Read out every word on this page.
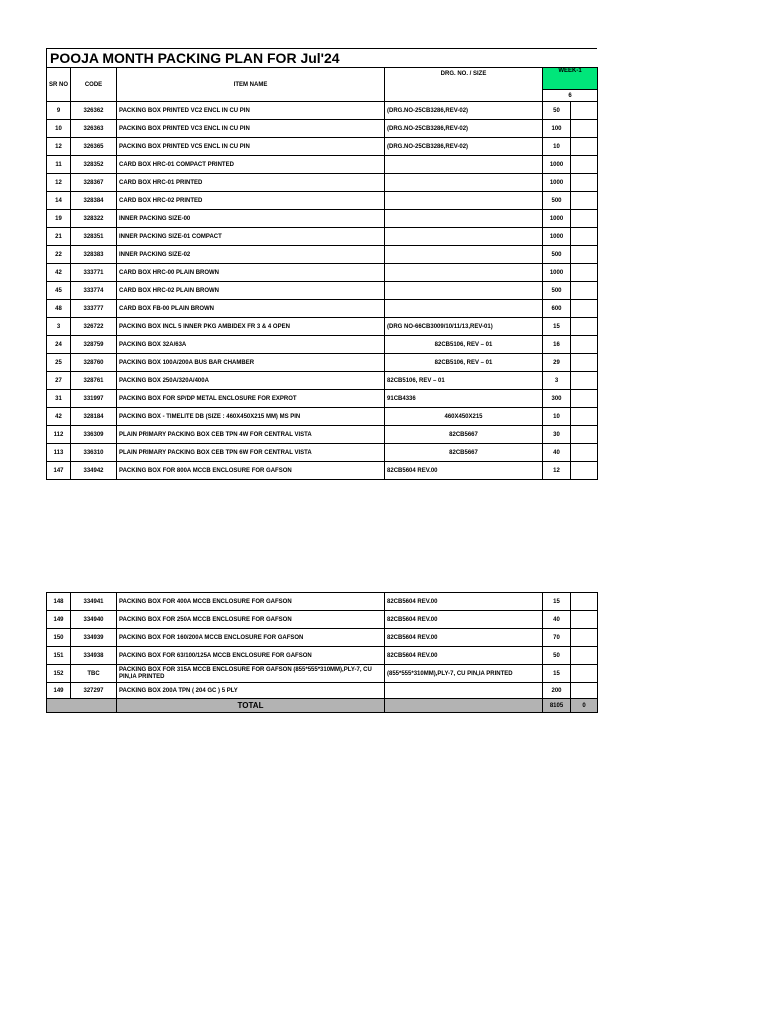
POOJA MONTH PACKING PLAN FOR Jul'24
SR NO	CODE	ITEM NAME	DRG. NO. / SIZE	WEEK-1	
				6	
9	326362	PACKING BOX PRINTED VC2 ENCL IN CU PIN	(DRG.NO-25CB3286,REV-02)	50	
10	326363	PACKING BOX PRINTED VC3 ENCL IN CU PIN	(DRG.NO-25CB3286,REV-02)	100	
12	326365	PACKING BOX PRINTED VC5 ENCL IN CU PIN	(DRG.NO-25CB3286,REV-02)	10	
11	328352	CARD BOX HRC-01 COMPACT PRINTED		1000	
12	328367	CARD BOX HRC-01 PRINTED		1000	
14	328384	CARD BOX HRC-02 PRINTED		500	
19	328322	INNER PACKING SIZE-00		1000	
21	328351	INNER PACKING SIZE-01 COMPACT		1000	
22	328383	INNER PACKING SIZE-02		500	
42	333771	CARD BOX HRC-00 PLAIN BROWN		1000	
45	333774	CARD BOX HRC-02 PLAIN BROWN		500	
48	333777	CARD BOX FB-00 PLAIN BROWN		600	
3	326722	PACKING BOX INCL 5 INNER PKG AMBIDEX FR 3 & 4 OPEN	(DRG NO-66CB3009/10/11/13,REV-01)	15	
24	328759	PACKING BOX 32A/63A	82CB5106, REV – 01	16	
25	328760	PACKING BOX 100A/200A BUS BAR CHAMBER	82CB5106, REV – 01	29	
27	328761	PACKING BOX 250A/320A/400A	82CB5106, REV – 01	3	
31	331997	PACKING BOX FOR SP/DP METAL ENCLOSURE FOR EXPROT	91CB4336	300	
42	328184	PACKING BOX - TIMELITE DB (SIZE : 460X450X215 MM) MS PIN	460X450X215	10	
112	336309	PLAIN PRIMARY PACKING BOX CEB TPN 4W FOR CENTRAL VISTA	82CB5667	30	
113	336310	PLAIN PRIMARY PACKING BOX CEB TPN 6W FOR CENTRAL VISTA	82CB5667	40	
147	334942	PACKING BOX FOR 800A MCCB ENCLOSURE FOR GAFSON	82CB5604 REV.00	12	
148	334941	PACKING BOX FOR 400A MCCB ENCLOSURE FOR GAFSON	82CB5604 REV.00	15	
149	334940	PACKING BOX FOR 250A MCCB ENCLOSURE FOR GAFSON	82CB5604 REV.00	40	
150	334939	PACKING BOX FOR 160/200A MCCB ENCLOSURE FOR GAFSON	82CB5604 REV.00	70	
151	334938	PACKING BOX FOR 63/100/125A MCCB ENCLOSURE FOR GAFSON	82CB5604 REV.00	50	
152	TBC	PACKING BOX FOR 315A MCCB ENCLOSURE FOR GAFSON (855*555*310MM),PLY-7, CU PIN,IA PRINTED	(855*555*310MM),PLY-7, CU PIN,IA PRINTED	15	
149	327297	PACKING BOX 200A TPN ( 204 GC ) 5 PLY		200	
		TOTAL		8105	0
